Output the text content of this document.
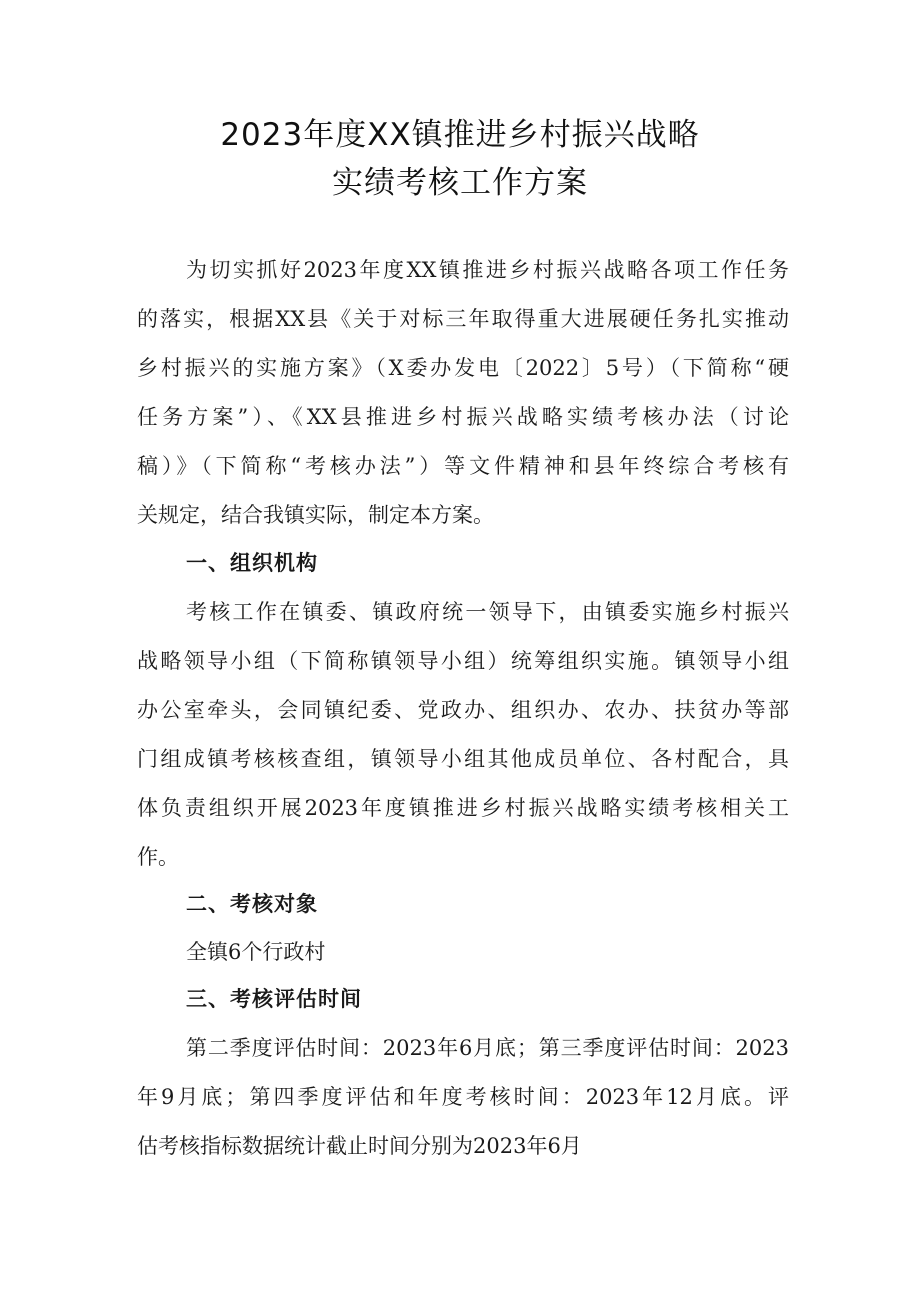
2023年度XX镇推进乡村振兴战略
实绩考核工作方案
为切实抓好2023年度XX镇推进乡村振兴战略各项工作任务
的落实，根据XX县《关于对标三年取得重大进展硬任务扎实推动
乡村振兴的实施方案》（X委办发电〔2022〕5号）（下简称“硬
任务方案”）、《XX县推进乡村振兴战略实绩考核办法（讨论
稿）》（下简称“考核办法”）等文件精神和县年终综合考核有
关规定，结合我镇实际，制定本方案。
一、组织机构
考核工作在镇委、镇政府统一领导下，由镇委实施乡村振兴
战略领导小组（下简称镇领导小组）统筹组织实施。镇领导小组
办公室牵头，会同镇纪委、党政办、组织办、农办、扶贫办等部
门组成镇考核核查组，镇领导小组其他成员单位、各村配合，具
体负责组织开展2023年度镇推进乡村振兴战略实绩考核相关工
作。
二、考核对象
全镇6个行政村
三、考核评估时间
第二季度评估时间：2023年6月底；第三季度评估时间：2023
年9月底；第四季度评估和年度考核时间：2023年12月底。评
估考核指标数据统计截止时间分别为2023年6月
